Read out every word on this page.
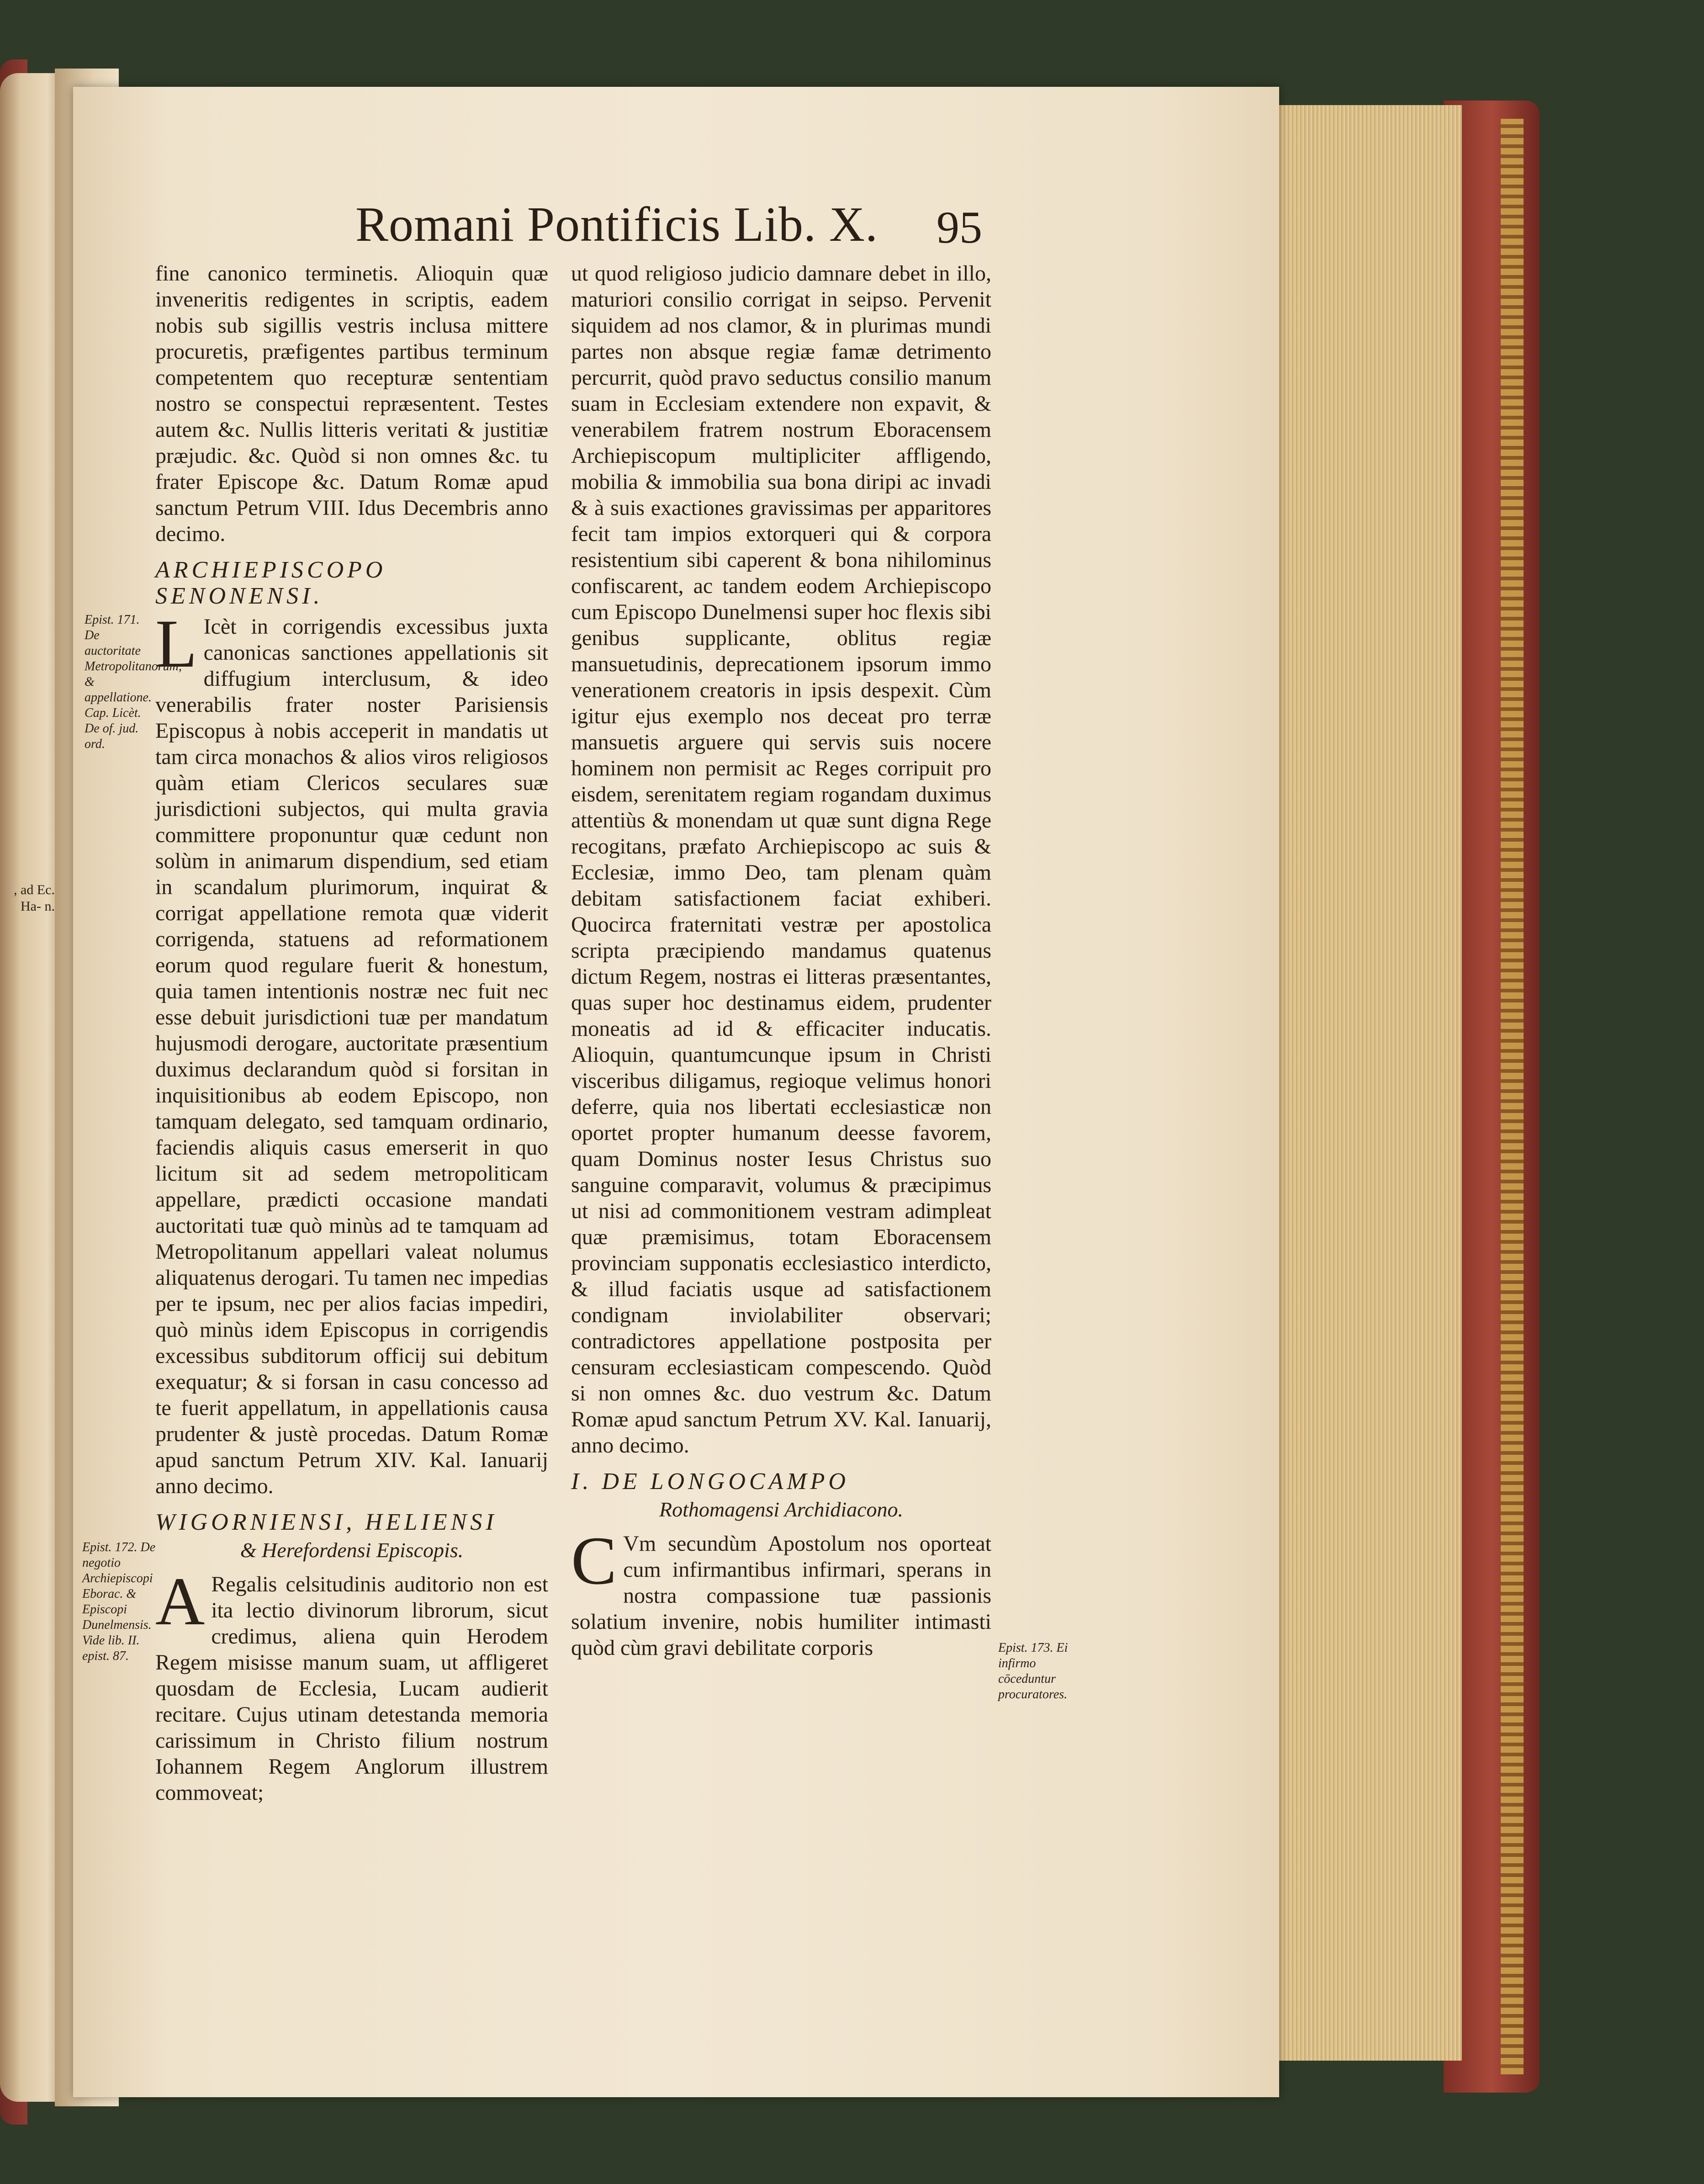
, ad Ec. Ha- n.
Romani Pontificis Lib. X.	95
Epist. 171. De auctoritate Metropolitanorum, & appellatione. Cap. Licèt. De of. jud. ord.
Epist. 172. De negotio Archiepiscopi Eborac. & Episcopi Dunelmensis. Vide lib. II. epist. 87.
Epist. 173. Ei infirmo cōceduntur procuratores.

fine canonico terminetis. Alioquin quæ inveneritis redigentes in scriptis, eadem nobis sub sigillis vestris inclusa mittere procuretis, præfigentes partibus terminum competentem quo recepturæ sententiam nostro se conspectui repræsentent. Testes autem &c. Nullis litteris veritati & justitiæ præjudic. &c. Quòd si non omnes &c. tu frater Episcope &c. Datum Romæ apud sanctum Petrum VIII. Idus Decembris anno decimo.

ARCHIEPISCOPO SENONENSI.

L Icèt in corrigendis excessibus juxta canonicas sanctiones appellationis sit diffugium interclusum, & ideo venerabilis frater noster Parisiensis Episcopus à nobis acceperit in mandatis ut tam circa monachos & alios viros religiosos quàm etiam Clericos seculares suæ jurisdictioni subjectos, qui multa gravia committere proponuntur quæ cedunt non solùm in animarum dispendium, sed etiam in scandalum plurimorum, inquirat & corrigat appellatione remota quæ viderit corrigenda, statuens ad reformationem eorum quod regulare fuerit & honestum, quia tamen intentionis nostræ nec fuit nec esse debuit jurisdictioni tuæ per mandatum hujusmodi derogare, auctoritate præsentium duximus declarandum quòd si forsitan in inquisitionibus ab eodem Episcopo, non tamquam delegato, sed tamquam ordinario, faciendis aliquis casus emerserit in quo licitum sit ad sedem metropoliticam appellare, prædicti occasione mandati auctoritati tuæ quò minùs ad te tamquam ad Metropolitanum appellari valeat nolumus aliquatenus derogari. Tu tamen nec impedias per te ipsum, nec per alios facias impediri, quò minùs idem Episcopus in corrigendis excessibus subditorum officij sui debitum exequatur; & si forsan in casu concesso ad te fuerit appellatum, in appellationis causa prudenter & justè procedas. Datum Romæ apud sanctum Petrum XIV. Kal. Ianuarij anno decimo.

WIGORNIENSI, HELIENSI
& Herefordensi Episcopis.

A Regalis celsitudinis auditorio non est ita lectio divinorum librorum, sicut credimus, aliena quin Herodem Regem misisse manum suam, ut affligeret quosdam de Ecclesia, Lucam audierit recitare. Cujus utinam detestanda memoria carissimum in Christo filium nostrum Iohannem Regem Anglorum illustrem commoveat;

ut quod religioso judicio damnare debet in illo, maturiori consilio corrigat in seipso. Pervenit siquidem ad nos clamor, & in plurimas mundi partes non absque regiæ famæ detrimento percurrit, quòd pravo seductus consilio manum suam in Ecclesiam extendere non expavit, & venerabilem fratrem nostrum Eboracensem Archiepiscopum multipliciter affligendo, mobilia & immobilia sua bona diripi ac invadi & à suis exactiones gravissimas per apparitores fecit tam impios extorqueri qui & corpora resistentium sibi caperent & bona nihilominus confiscarent, ac tandem eodem Archiepiscopo cum Episcopo Dunelmensi super hoc flexis sibi genibus supplicante, oblitus regiæ mansuetudinis, deprecationem ipsorum immo venerationem creatoris in ipsis despexit. Cùm igitur ejus exemplo nos deceat pro terræ mansuetis arguere qui servis suis nocere hominem non permisit ac Reges corripuit pro eisdem, serenitatem regiam rogandam duximus attentiùs & monendam ut quæ sunt digna Rege recogitans, præfato Archiepiscopo ac suis & Ecclesiæ, immo Deo, tam plenam quàm debitam satisfactionem faciat exhiberi. Quocirca fraternitati vestræ per apostolica scripta præcipiendo mandamus quatenus dictum Regem, nostras ei litteras præsentantes, quas super hoc destinamus eidem, prudenter moneatis ad id & efficaciter inducatis. Alioquin, quantumcunque ipsum in Christi visceribus diligamus, regioque velimus honori deferre, quia nos libertati ecclesiasticæ non oportet propter humanum deesse favorem, quam Dominus noster Iesus Christus suo sanguine comparavit, volumus & præcipimus ut nisi ad commonitionem vestram adimpleat quæ præmisimus, totam Eboracensem provinciam supponatis ecclesiastico interdicto, & illud faciatis usque ad satisfactionem condignam inviolabiliter observari; contradictores appellatione postposita per censuram ecclesiasticam compescendo. Quòd si non omnes &c. duo vestrum &c. Datum Romæ apud sanctum Petrum XV. Kal. Ianuarij, anno decimo.

I. DE LONGOCAMPO
Rothomagensi Archidiacono.

C Vm secundùm Apostolum nos oporteat cum infirmantibus infirmari, sperans in nostra compassione tuæ passionis solatium invenire, nobis humiliter intimasti quòd cùm gravi debilitate corporis
